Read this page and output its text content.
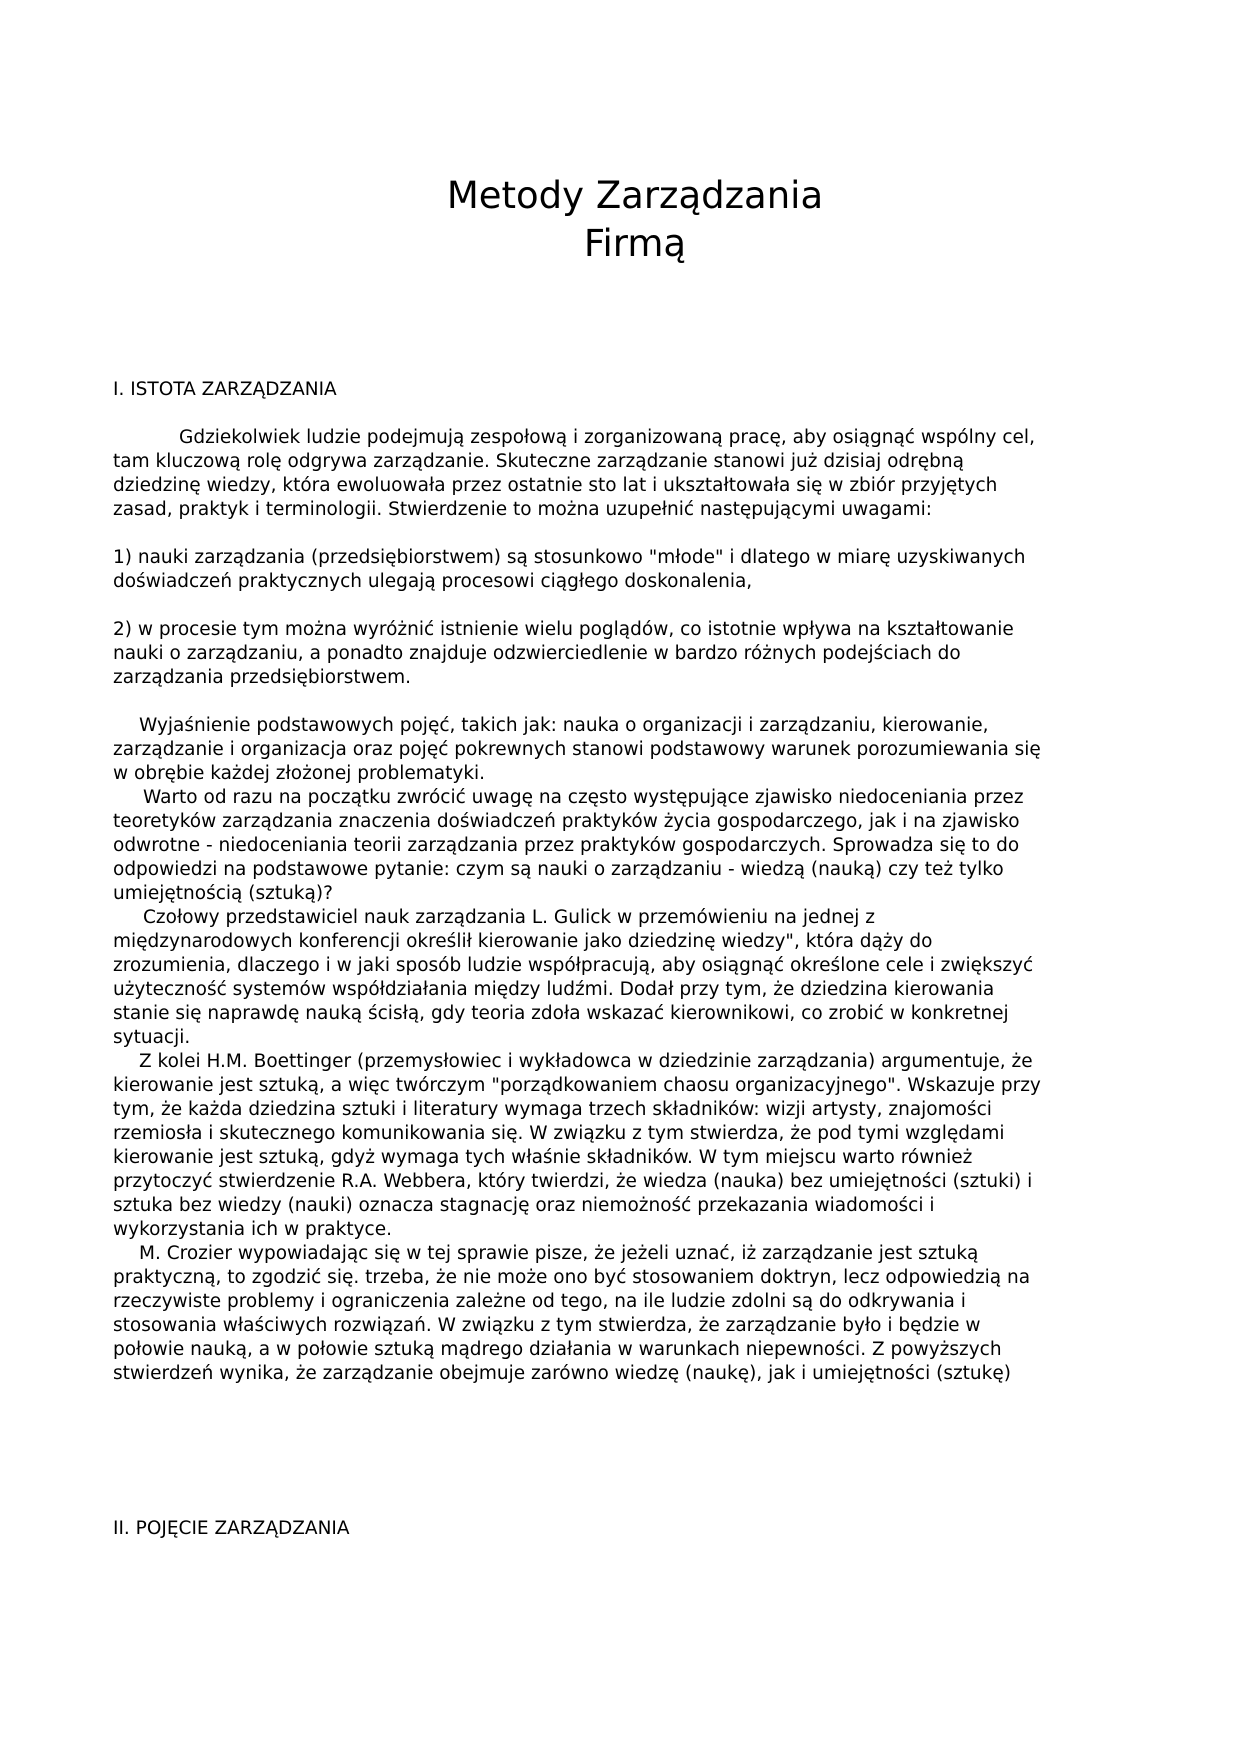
Metody Zarządzania
Firmą

I. ISTOTA ZARZĄDZANIA

Gdziekolwiek ludzie podejmują zespołową i zorganizowaną pracę, aby osiągnąć wspólny cel, tam kluczową rolę odgrywa zarządzanie. Skuteczne zarządzanie stanowi już dzisiaj odrębną dziedzinę wiedzy, która ewoluowała przez ostatnie sto lat i ukształtowała się w zbiór przyjętych zasad, praktyk i terminologii. Stwierdzenie to można uzupełnić następującymi uwagami:

1) nauki zarządzania (przedsiębiorstwem) są stosunkowo "młode" i dlatego w miarę uzyskiwanych doświadczeń praktycznych ulegają procesowi ciągłego doskonalenia,

2) w procesie tym można wyróżnić istnienie wielu poglądów, co istotnie wpływa na kształtowanie nauki o zarządzaniu, a ponadto znajduje odzwierciedlenie w bardzo różnych podejściach do zarządzania przedsiębiorstwem.

Wyjaśnienie podstawowych pojęć, takich jak: nauka o organizacji i zarządzaniu, kierowanie, zarządzanie i organizacja oraz pojęć pokrewnych stanowi podstawowy warunek porozumiewania się w obrębie każdej złożonej problematyki.

Warto od razu na początku zwrócić uwagę na często występujące zjawisko niedoceniania przez teoretyków zarządzania znaczenia doświadczeń praktyków życia gospodarczego, jak i na zjawisko odwrotne - niedoceniania teorii zarządzania przez praktyków gospodarczych. Sprowadza się to do odpowiedzi na podstawowe pytanie: czym są nauki o zarządzaniu - wiedzą (nauką) czy też tylko umiejętnością (sztuką)?

Czołowy przedstawiciel nauk zarządzania L. Gulick w przemówieniu na jednej z międzynarodowych konferencji określił kierowanie jako dziedzinę wiedzy", która dąży do zrozumienia, dlaczego i w jaki sposób ludzie współpracują, aby osiągnąć określone cele i zwiększyć użyteczność systemów współdziałania między ludźmi. Dodał przy tym, że dziedzina kierowania stanie się naprawdę nauką ścisłą, gdy teoria zdoła wskazać kierownikowi, co zrobić w konkretnej sytuacji.

Z kolei H.M. Boettinger (przemysłowiec i wykładowca w dziedzinie zarządzania) argumentuje, że kierowanie jest sztuką, a więc twórczym "porządkowaniem chaosu organizacyjnego". Wskazuje przy tym, że każda dziedzina sztuki i literatury wymaga trzech składników: wizji artysty, znajomości rzemiosła i skutecznego komunikowania się. W związku z tym stwierdza, że pod tymi względami kierowanie jest sztuką, gdyż wymaga tych właśnie składników. W tym miejscu warto również przytoczyć stwierdzenie R.A. Webbera, który twierdzi, że wiedza (nauka) bez umiejętności (sztuki) i sztuka bez wiedzy (nauki) oznacza stagnację oraz niemożność przekazania wiadomości i wykorzystania ich w praktyce.

M. Crozier wypowiadając się w tej sprawie pisze, że jeżeli uznać, iż zarządzanie jest sztuką praktyczną, to zgodzić się. trzeba, że nie może ono być stosowaniem doktryn, lecz odpowiedzią na rzeczywiste problemy i ograniczenia zależne od tego, na ile ludzie zdolni są do odkrywania i stosowania właściwych rozwiązań. W związku z tym stwierdza, że zarządzanie było i będzie w połowie nauką, a w połowie sztuką mądrego działania w warunkach niepewności. Z powyższych stwierdzeń wynika, że zarządzanie obejmuje zarówno wiedzę (naukę), jak i umiejętności (sztukę)

II. POJĘCIE ZARZĄDZANIA
